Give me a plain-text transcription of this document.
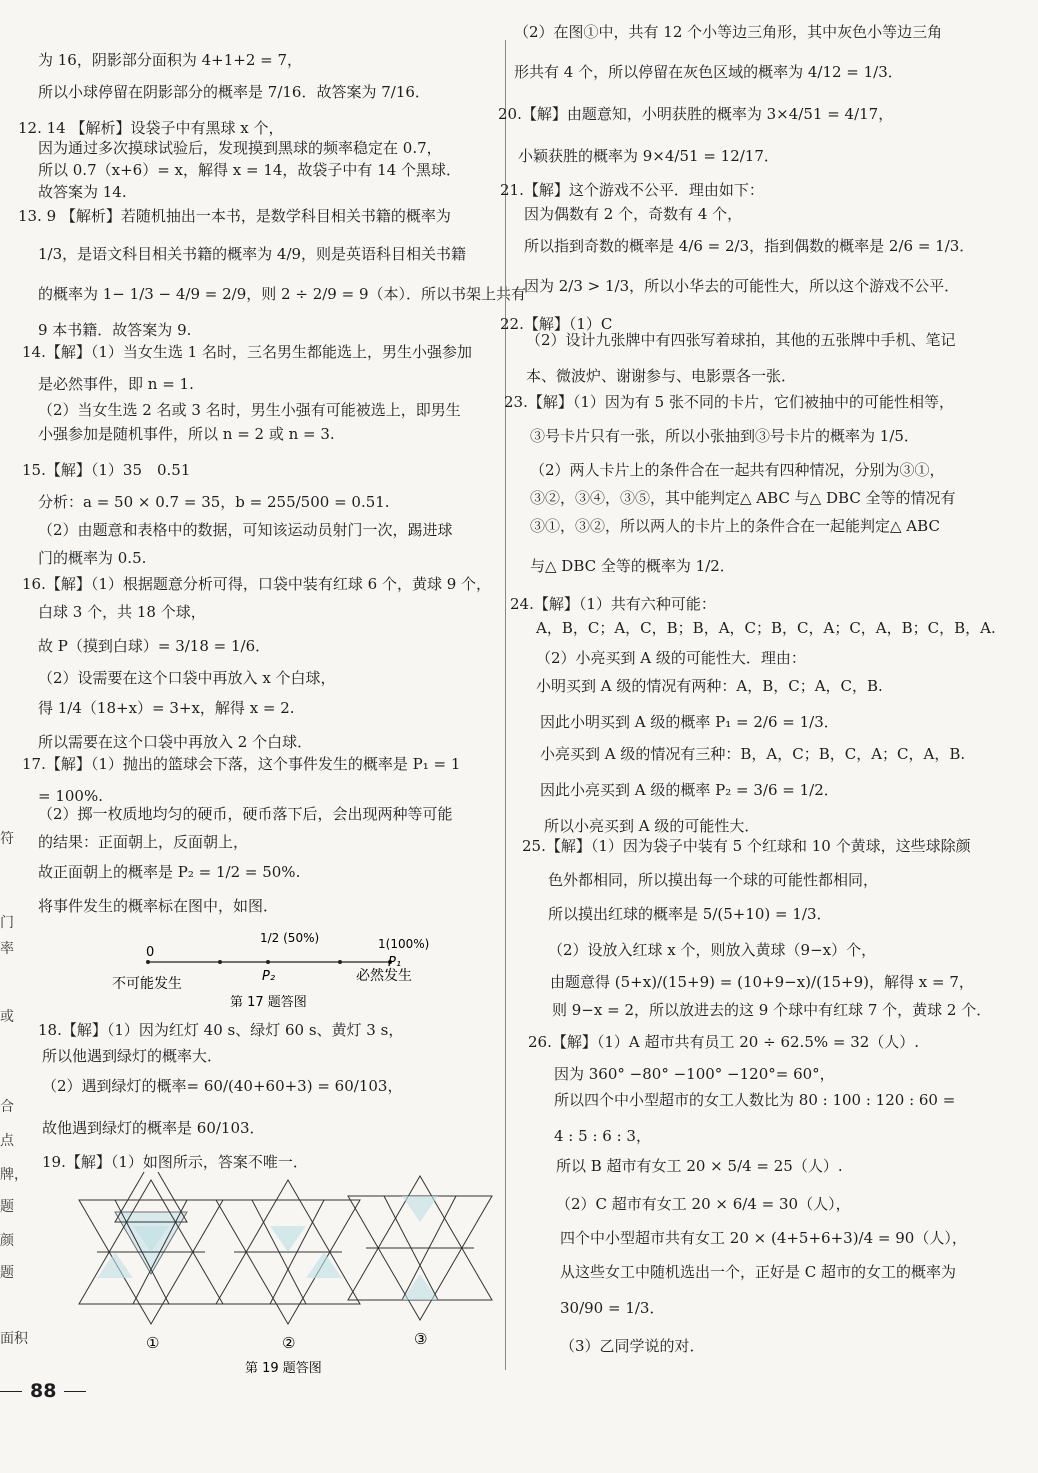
为 16，阴影部分面积为 4+1+2 = 7，
所以小球停留在阴影部分的概率是 7/16．故答案为 7/16．
12. 14 【解析】设袋子中有黑球 x 个，
因为通过多次摸球试验后，发现摸到黑球的频率稳定在 0.7，
所以 0.7（x+6）= x，解得 x = 14，故袋子中有 14 个黑球．
故答案为 14.
13. 9 【解析】若随机抽出一本书，是数学科目相关书籍的概率为
1/3，是语文科目相关书籍的概率为 4/9，则是英语科目相关书籍
的概率为 1− 1/3 − 4/9 = 2/9，则 2 ÷ 2/9 = 9（本）．所以书架上共有
9 本书籍．故答案为 9.
14.【解】（1）当女生选 1 名时，三名男生都能选上，男生小强参加
是必然事件，即 n = 1.
（2）当女生选 2 名或 3 名时，男生小强有可能被选上，即男生
小强参加是随机事件，所以 n = 2 或 n = 3.
15.【解】（1）35　0.51
分析：a = 50 × 0.7 = 35，b = 255/500 = 0.51.
（2）由题意和表格中的数据，可知该运动员射门一次，踢进球
门的概率为 0.5.
16.【解】（1）根据题意分析可得，口袋中装有红球 6 个，黄球 9 个，
白球 3 个，共 18 个球，
故 P（摸到白球）= 3/18 = 1/6．
（2）设需要在这个口袋中再放入 x 个白球，
得 1/4（18+x）= 3+x，解得 x = 2.
所以需要在这个口袋中再放入 2 个白球．
17.【解】（1）抛出的篮球会下落，这个事件发生的概率是 P₁ = 1
= 100%.
（2）掷一枚质地均匀的硬币，硬币落下后，会出现两种等可能
的结果：正面朝上，反面朝上，
故正面朝上的概率是 P₂ = 1/2 = 50%.
将事件发生的概率标在图中，如图．
18.【解】（1）因为红灯 40 s、绿灯 60 s、黄灯 3 s，
所以他遇到绿灯的概率大．
（2）遇到绿灯的概率= 60/(40+60+3) = 60/103，
故他遇到绿灯的概率是 60/103．
19.【解】（1）如图所示，答案不唯一．
0
1/2 (50%)	1(100%)
P₁
P₂
不可能发生	必然发生
第 17 题答图
①	②	③
第 19 题答图
（2）在图①中，共有 12 个小等边三角形，其中灰色小等边三角
形共有 4 个，所以停留在灰色区域的概率为 4/12 = 1/3．
20.【解】由题意知，小明获胜的概率为 3×4/51 = 4/17，
小颖获胜的概率为 9×4/51 = 12/17．
21.【解】这个游戏不公平．理由如下：
因为偶数有 2 个，奇数有 4 个，
所以指到奇数的概率是 4/6 = 2/3，指到偶数的概率是 2/6 = 1/3．
因为 2/3 > 1/3，所以小华去的可能性大，所以这个游戏不公平．
22.【解】（1）C
（2）设计九张牌中有四张写着球拍，其他的五张牌中手机、笔记
本、微波炉、谢谢参与、电影票各一张．
23.【解】（1）因为有 5 张不同的卡片，它们被抽中的可能性相等，
③号卡片只有一张，所以小张抽到③号卡片的概率为 1/5．
（2）两人卡片上的条件合在一起共有四种情况，分别为③①，
③②，③④，③⑤，其中能判定△ ABC 与△ DBC 全等的情况有
③①，③②，所以两人的卡片上的条件合在一起能判定△ ABC
与△ DBC 全等的概率为 1/2．
24.【解】（1）共有六种可能：
A，B，C；A，C，B；B，A，C；B，C，A；C，A，B；C，B，A.
（2）小亮买到 A 级的可能性大．理由：
小明买到 A 级的情况有两种：A，B，C；A，C，B.
因此小明买到 A 级的概率 P₁ = 2/6 = 1/3．
小亮买到 A 级的情况有三种：B，A，C；B，C，A；C，A，B.
因此小亮买到 A 级的概率 P₂ = 3/6 = 1/2．
所以小亮买到 A 级的可能性大．
25.【解】（1）因为袋子中装有 5 个红球和 10 个黄球，这些球除颜
色外都相同，所以摸出每一个球的可能性都相同，
所以摸出红球的概率是 5/(5+10) = 1/3．
（2）设放入红球 x 个，则放入黄球（9−x）个，
由题意得 (5+x)/(15+9) = (10+9−x)/(15+9)，解得 x = 7，
则 9−x = 2，所以放进去的这 9 个球中有红球 7 个，黄球 2 个．
26.【解】（1）A 超市共有员工 20 ÷ 62.5% = 32（人）.
因为 360° −80° −100° −120°= 60°，
所以四个中小型超市的女工人数比为 80 : 100 : 120 : 60 =
4 : 5 : 6 : 3，
所以 B 超市有女工 20 × 5/4 = 25（人）.
（2）C 超市有女工 20 × 6/4 = 30（人），
四个中小型超市共有女工 20 × (4+5+6+3)/4 = 90（人），
从这些女工中随机选出一个，正好是 C 超市的女工的概率为
30/90 = 1/3．
（3）乙同学说的对．
符
门
率
或
合
点
牌，
题
颜
题
面积
88
